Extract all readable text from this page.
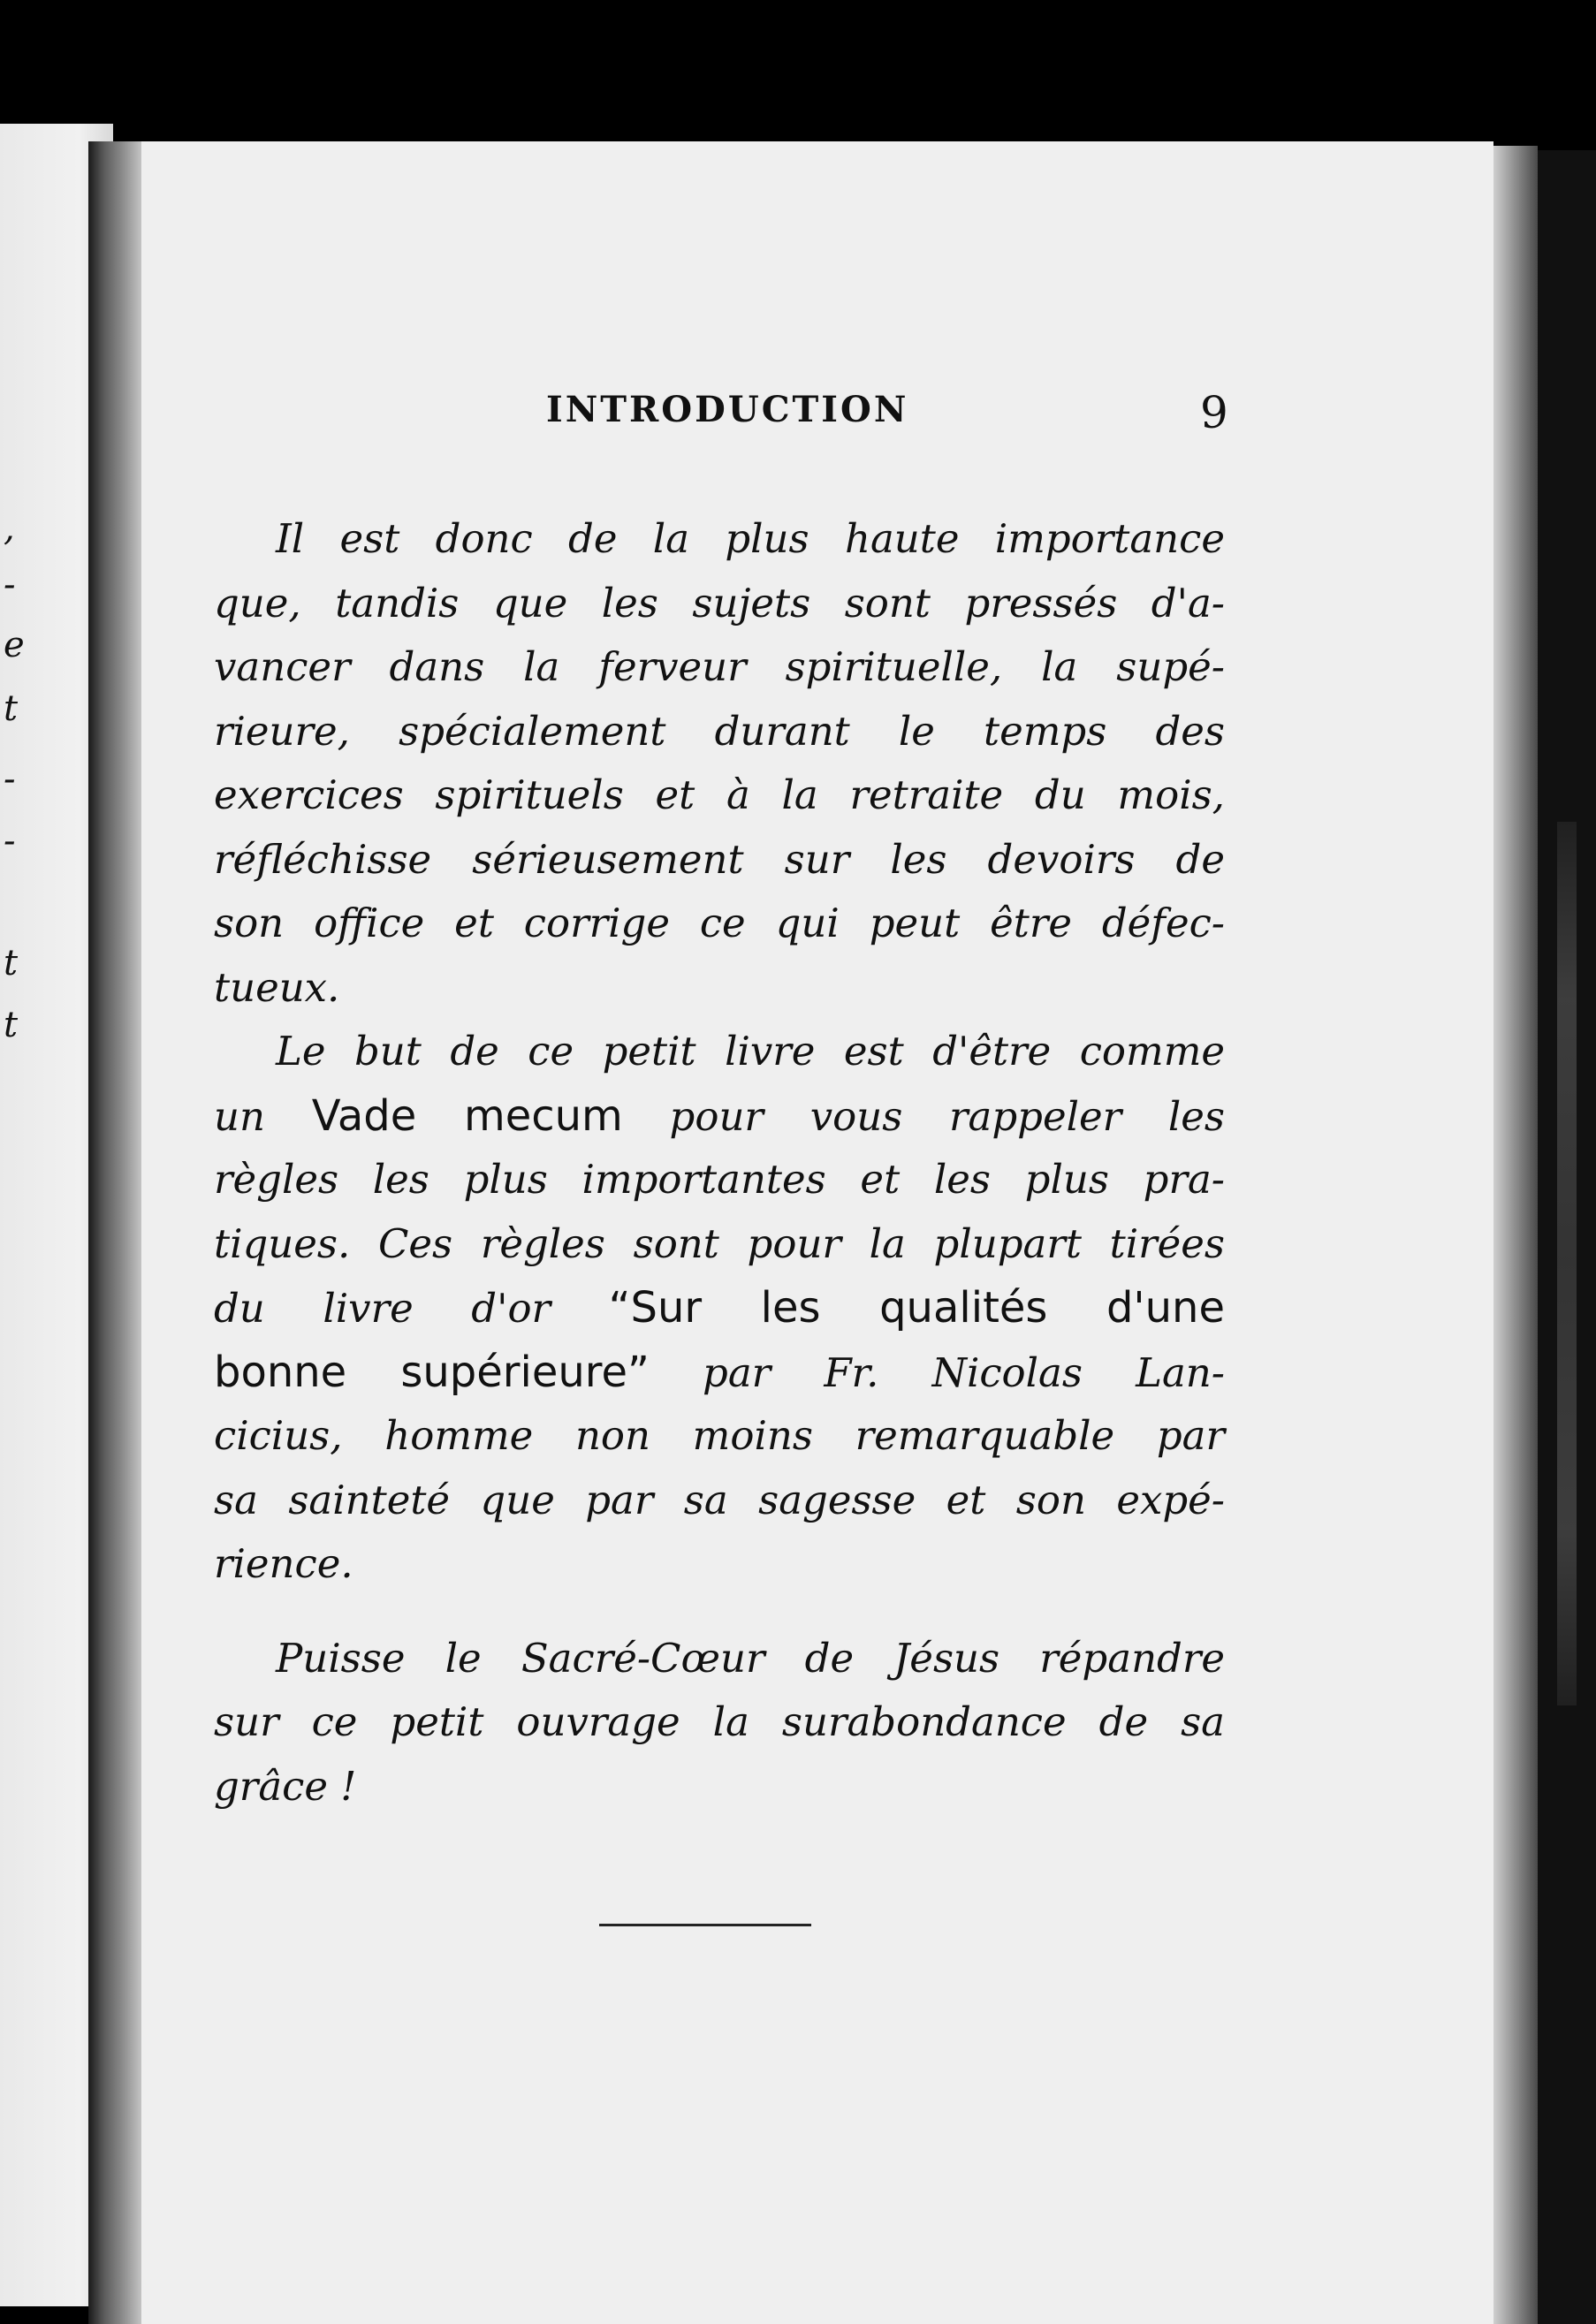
,
-
e
t
-
-
t
t
INTRODUCTION	9
Il est donc de la plus haute importance
que, tandis que les sujets sont pressés d'a-
vancer dans la ferveur spirituelle, la supé-
rieure, spécialement durant le temps des
exercices spirituels et à la retraite du mois,
réfléchisse sérieusement sur les devoirs de
son office et corrige ce qui peut être défec-
tueux.
Le but de ce petit livre est d'être comme
un Vade mecum pour vous rappeler les
règles les plus importantes et les plus pra-
tiques. Ces règles sont pour la plupart tirées
du livre d'or “Sur les qualités d'une
bonne supérieure” par Fr. Nicolas Lan-
cicius, homme non moins remarquable par
sa sainteté que par sa sagesse et son expé-
rience.
Puisse le Sacré-Cœur de Jésus répandre
sur ce petit ouvrage la surabondance de sa
grâce !
